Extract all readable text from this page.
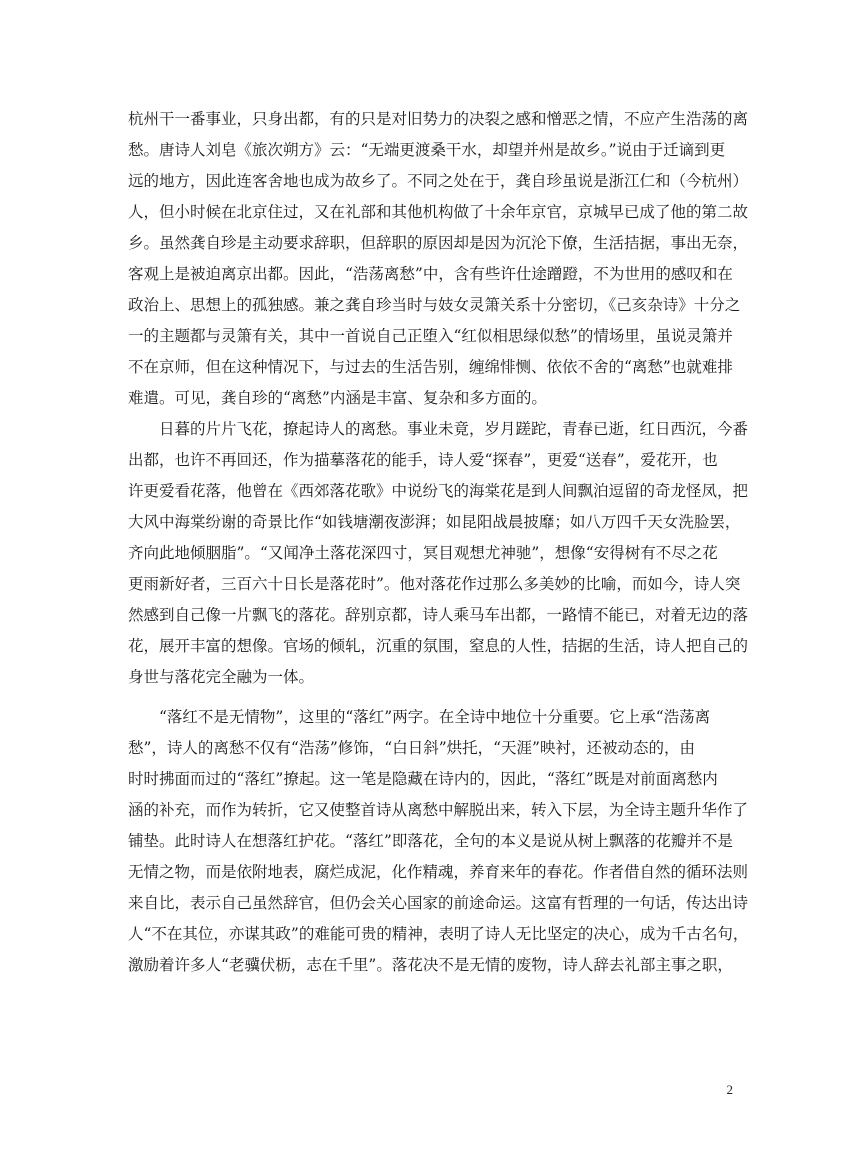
杭州干一番事业，只身出都，有的只是对旧势力的决裂之感和憎恶之情，不应产生浩荡的离
愁。唐诗人刘皂《旅次朔方》云：“无端更渡桑干水，却望并州是故乡。”说由于迁谪到更
远的地方，因此连客舍地也成为故乡了。不同之处在于，龚自珍虽说是浙江仁和（今杭州）
人，但小时候在北京住过，又在礼部和其他机构做了十余年京官，京城早已成了他的第二故
乡。虽然龚自珍是主动要求辞职，但辞职的原因却是因为沉沦下僚，生活拮据，事出无奈，
客观上是被迫离京出都。因此，“浩荡离愁”中，含有些许仕途蹭蹬，不为世用的感叹和在
政治上、思想上的孤独感。兼之龚自珍当时与妓女灵箫关系十分密切，《己亥杂诗》十分之
一的主题都与灵箫有关，其中一首说自己正堕入“红似相思绿似愁”的情场里，虽说灵箫并
不在京师，但在这种情况下，与过去的生活告别，缠绵悱恻、依依不舍的“离愁”也就难排
难遣。可见，龚自珍的“离愁”内涵是丰富、复杂和多方面的。
　　日暮的片片飞花，撩起诗人的离愁。事业未竟，岁月蹉跎，青春已逝，红日西沉，今番
出都，也许不再回还，作为描摹落花的能手，诗人爱“探春”，更爱“送春”，爱花开，也
许更爱看花落，他曾在《西郊落花歌》中说纷飞的海棠花是到人间飘泊逗留的奇龙怪凤，把
大风中海棠纷谢的奇景比作“如钱塘潮夜澎湃；如昆阳战晨披靡；如八万四千天女洗脸罢，
齐向此地倾胭脂”。“又闻净土落花深四寸，冥目观想尤神驰”，想像“安得树有不尽之花
更雨新好者，三百六十日长是落花时”。他对落花作过那么多美妙的比喻，而如今，诗人突
然感到自己像一片飘飞的落花。辞别京都，诗人乘马车出都，一路情不能已，对着无边的落
花，展开丰富的想像。官场的倾轧，沉重的氛围，窒息的人性，拮据的生活，诗人把自己的
身世与落花完全融为一体。
　　“落红不是无情物”，这里的“落红”两字。在全诗中地位十分重要。它上承“浩荡离
愁”，诗人的离愁不仅有“浩荡”修饰，“白日斜”烘托，“天涯”映衬，还被动态的，由
时时拂面而过的“落红”撩起。这一笔是隐藏在诗内的，因此，“落红”既是对前面离愁内
涵的补充，而作为转折，它又使整首诗从离愁中解脱出来，转入下层，为全诗主题升华作了
铺垫。此时诗人在想落红护花。“落红”即落花，全句的本义是说从树上飘落的花瓣并不是
无情之物，而是依附地表，腐烂成泥，化作精魂，养育来年的春花。作者借自然的循环法则
来自比，表示自己虽然辞官，但仍会关心国家的前途命运。这富有哲理的一句话，传达出诗
人“不在其位，亦谋其政”的难能可贵的精神，表明了诗人无比坚定的决心，成为千古名句，
激励着许多人“老骥伏枥，志在千里”。落花决不是无情的废物，诗人辞去礼部主事之职，
2
